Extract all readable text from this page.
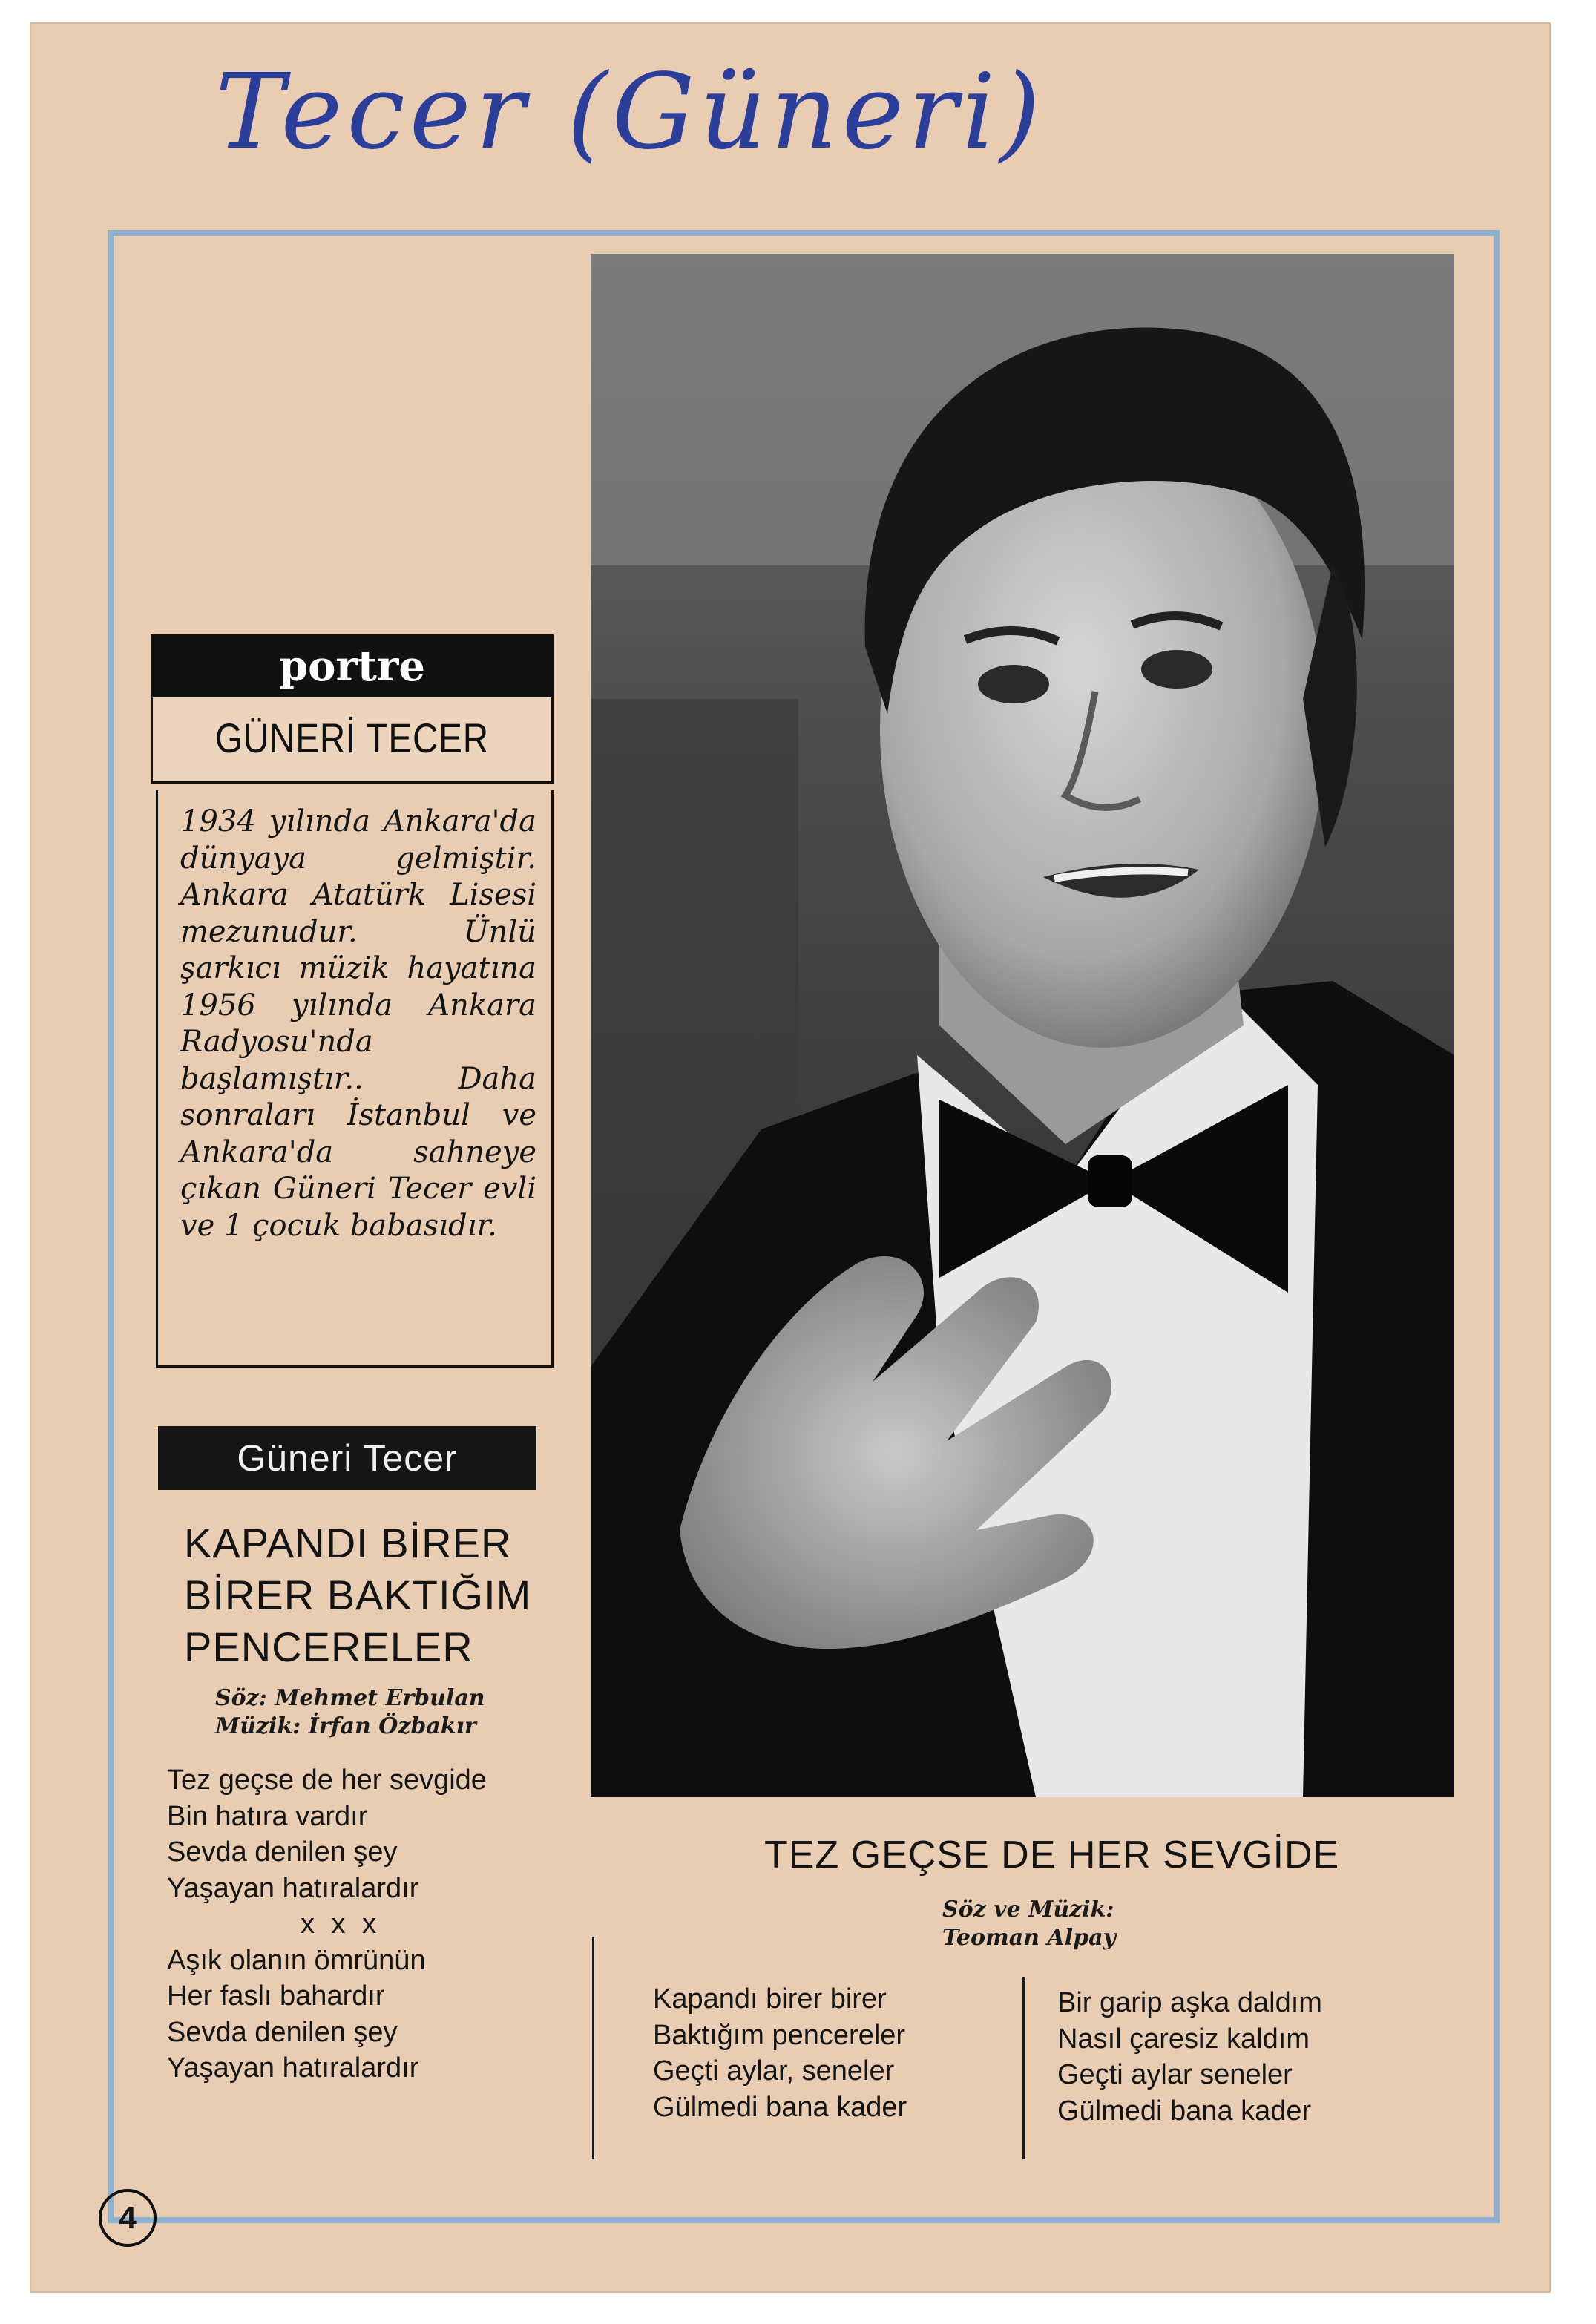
Tecer (Güneri)
portre
GÜNERİ TECER
1934 yılında Ankara'da dünyaya gelmiştir. Ankara Atatürk Lisesi mezunudur. Ünlü şarkıcı müzik hayatına 1956 yılında Ankara Radyosu'nda başlamıştır.. Daha sonraları İstanbul ve Ankara'da sahneye çıkan Güneri Tecer evli ve 1 çocuk babasıdır.
Güneri Tecer
KAPANDI BİRER
BİRER BAKTIĞIM
PENCERELER
Söz: Mehmet Erbulan
Müzik: İrfan Özbakır
Tez geçse de her sevgide
Bin hatıra vardır
Sevda denilen şey
Yaşayan hatıralardır
x x x
Aşık olanın ömrünün
Her faslı bahardır
Sevda denilen şey
Yaşayan hatıralardır
TEZ GEÇSE DE HER SEVGİDE
Söz ve Müzik:
Teoman Alpay
Kapandı birer birer
Baktığım pencereler
Geçti aylar, seneler
Gülmedi bana kader
Bir garip aşka daldım
Nasıl çaresiz kaldım
Geçti aylar seneler
Gülmedi bana kader
4
